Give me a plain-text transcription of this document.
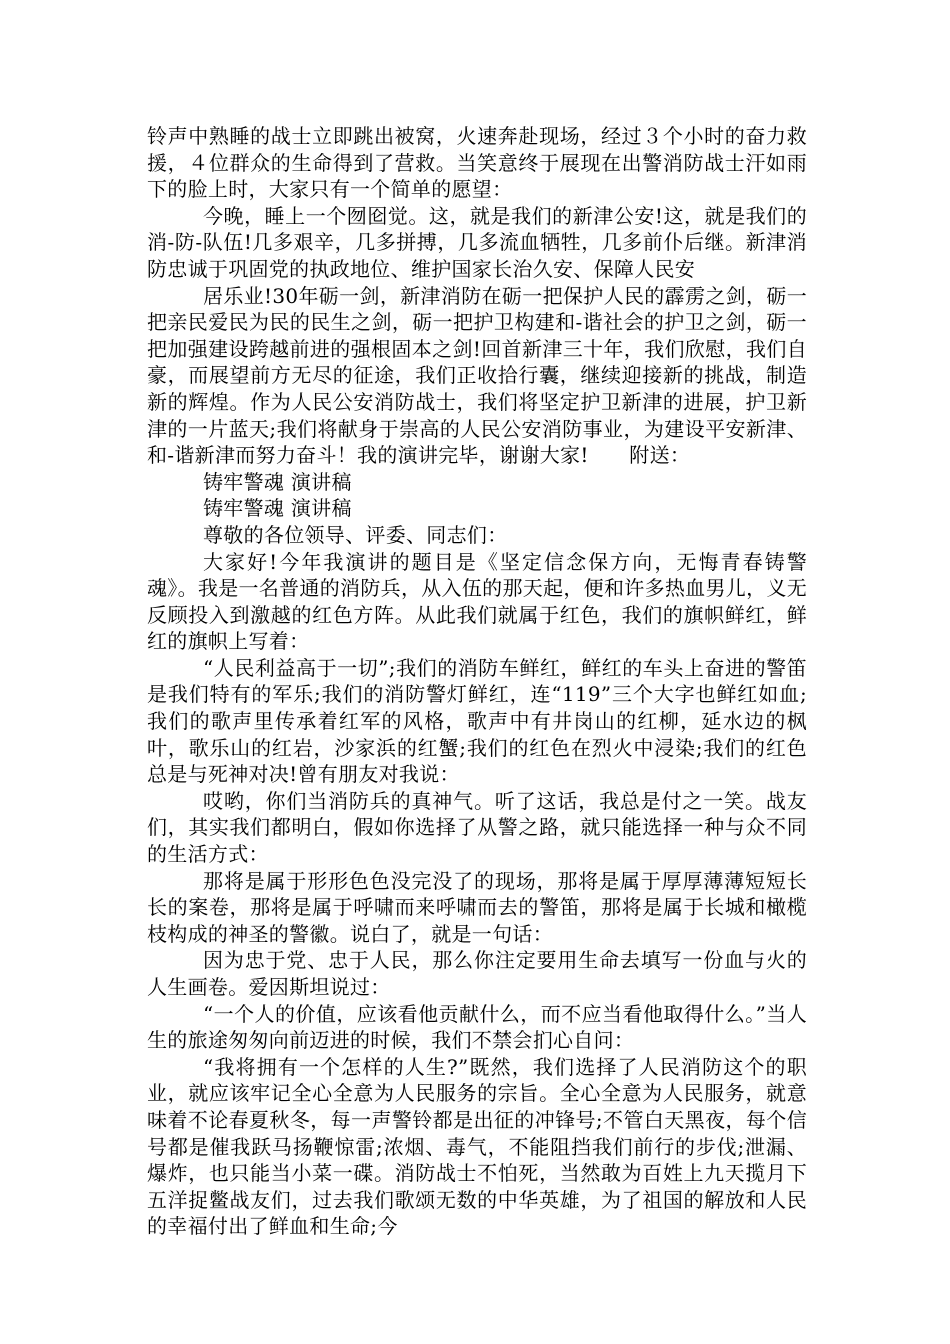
铃声中熟睡的战士立即跳出被窝，火速奔赴现场，经过３个小时的奋力救援，４位群众的生命得到了营救。当笑意终于展现在出警消防战士汗如雨下的脸上时，大家只有一个简单的愿望：

今晚，睡上一个囫囵觉。这，就是我们的新津公安!这，就是我们的消-防-队伍!几多艰辛，几多拼搏，几多流血牺牲，几多前仆后继。新津消防忠诚于巩固党的执政地位、维护国家长治久安、保障人民安

居乐业!30年砺一剑，新津消防在砺一把保护人民的霹雳之剑，砺一把亲民爱民为民的民生之剑，砺一把护卫构建和-谐社会的护卫之剑，砺一把加强建设跨越前进的强根固本之剑!回首新津三十年，我们欣慰，我们自豪，而展望前方无尽的征途，我们正收拾行囊，继续迎接新的挑战，制造新的辉煌。作为人民公安消防战士，我们将坚定护卫新津的进展，护卫新津的一片蓝天;我们将献身于崇高的人民公安消防事业，为建设平安新津、和-谐新津而努力奋斗！我的演讲完毕，谢谢大家!　　附送：

铸牢警魂 演讲稿

铸牢警魂 演讲稿

尊敬的各位领导、评委、同志们：

大家好!今年我演讲的题目是《坚定信念保方向，无悔青春铸警魂》。我是一名普通的消防兵，从入伍的那天起，便和许多热血男儿，义无反顾投入到激越的红色方阵。从此我们就属于红色，我们的旗帜鲜红，鲜红的旗帜上写着：

“人民利益高于一切”;我们的消防车鲜红，鲜红的车头上奋进的警笛是我们特有的军乐;我们的消防警灯鲜红，连“119”三个大字也鲜红如血;我们的歌声里传承着红军的风格，歌声中有井岗山的红柳，延水边的枫叶，歌乐山的红岩，沙家浜的红蟹;我们的红色在烈火中浸染;我们的红色总是与死神对决!曾有朋友对我说：

哎哟，你们当消防兵的真神气。听了这话，我总是付之一笑。战友们，其实我们都明白，假如你选择了从警之路，就只能选择一种与众不同的生活方式：

那将是属于形形色色没完没了的现场，那将是属于厚厚薄薄短短长长的案卷，那将是属于呼啸而来呼啸而去的警笛，那将是属于长城和橄榄枝构成的神圣的警徽。说白了，就是一句话：

因为忠于党、忠于人民，那么你注定要用生命去填写一份血与火的人生画卷。爱因斯坦说过：

“一个人的价值，应该看他贡献什么，而不应当看他取得什么。”当人生的旅途匆匆向前迈进的时候，我们不禁会扪心自问：

“我将拥有一个怎样的人生?”既然，我们选择了人民消防这个的职业，就应该牢记全心全意为人民服务的宗旨。全心全意为人民服务，就意味着不论春夏秋冬，每一声警铃都是出征的冲锋号;不管白天黑夜，每个信号都是催我跃马扬鞭惊雷;浓烟、毒气，不能阻挡我们前行的步伐;泄漏、爆炸，也只能当小菜一碟。消防战士不怕死，当然敢为百姓上九天揽月下五洋捉鳖战友们，过去我们歌颂无数的中华英雄，为了祖国的解放和人民的幸福付出了鲜血和生命;今
